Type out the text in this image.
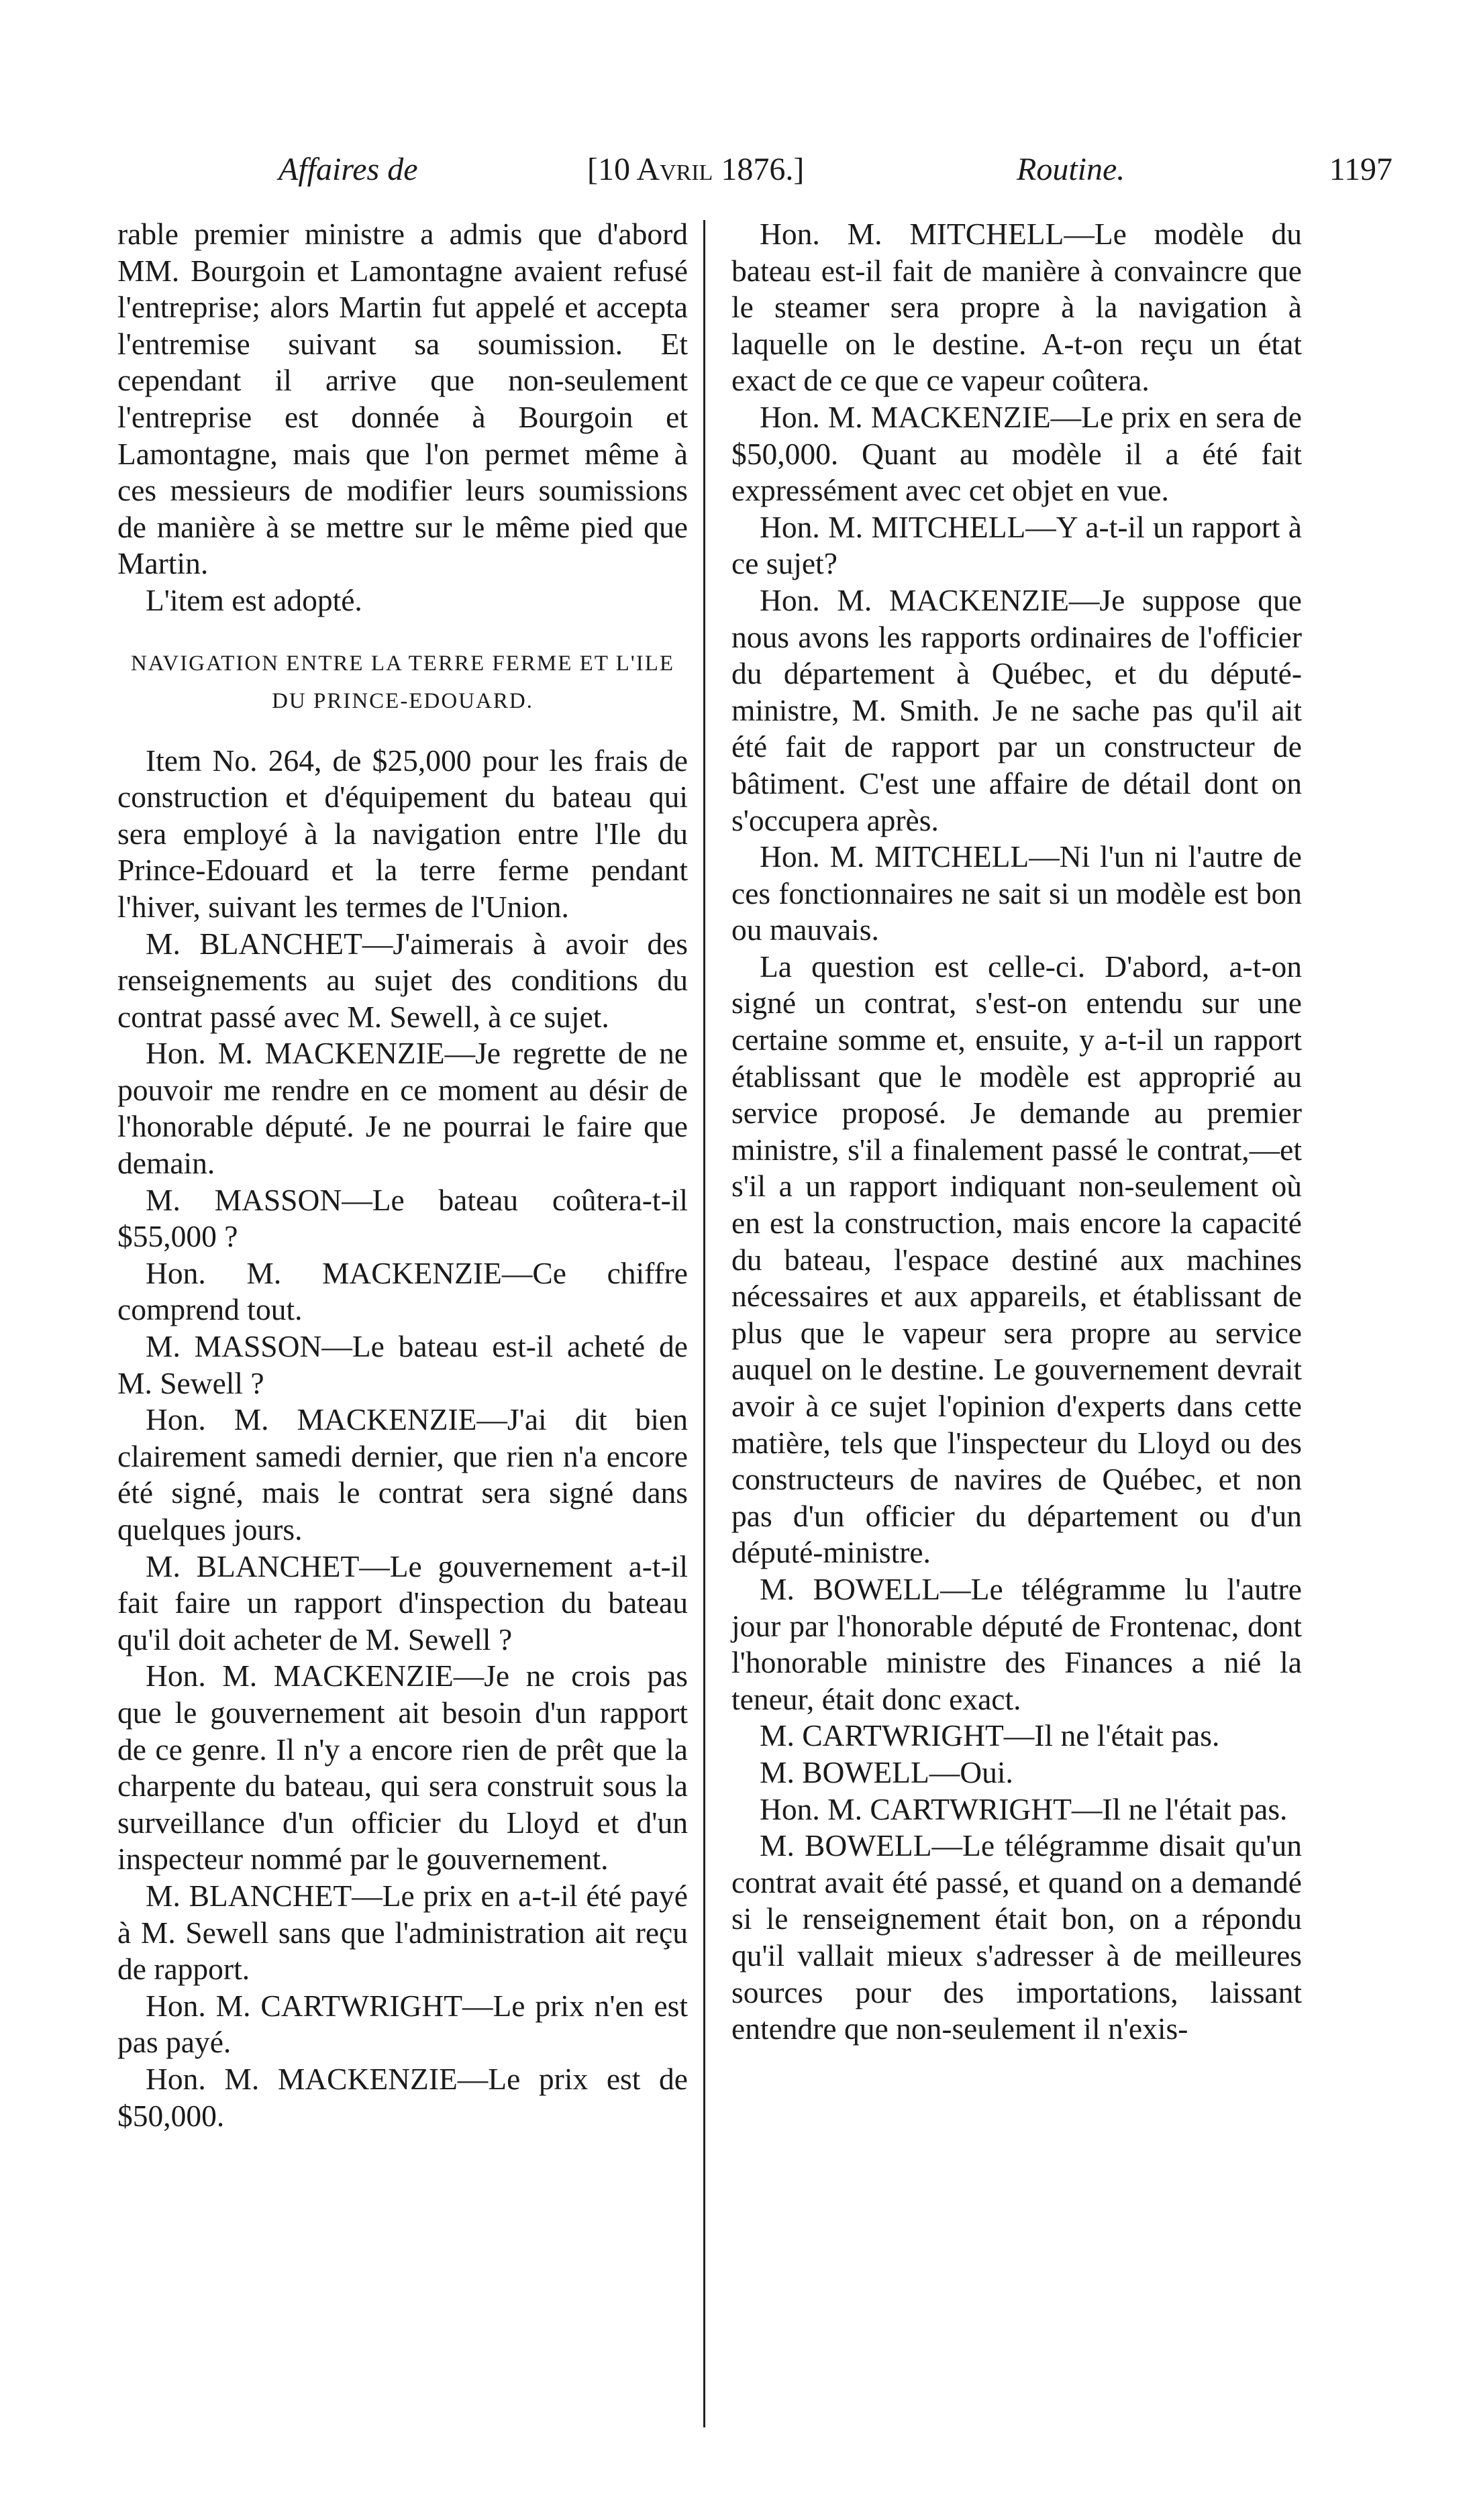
Affaires de	[10 Avril 1876.]	Routine.	1197

rable premier ministre a admis que d'abord MM. Bourgoin et Lamontagne avaient refusé l'entreprise; alors Martin fut appelé et accepta l'entremise suivant sa soumission. Et cependant il arrive que non-seulement l'entreprise est donnée à Bourgoin et Lamontagne, mais que l'on permet même à ces messieurs de modifier leurs soumissions de manière à se mettre sur le même pied que Martin.

L'item est adopté.

NAVIGATION ENTRE LA TERRE FERME ET L'ILE DU PRINCE-EDOUARD.

Item No. 264, de $25,000 pour les frais de construction et d'équipement du bateau qui sera employé à la navigation entre l'Ile du Prince-Edouard et la terre ferme pendant l'hiver, suivant les termes de l'Union.

M. BLANCHET—J'aimerais à avoir des renseignements au sujet des conditions du contrat passé avec M. Sewell, à ce sujet.

Hon. M. MACKENZIE—Je regrette de ne pouvoir me rendre en ce moment au désir de l'honorable député. Je ne pourrai le faire que demain.

M. MASSON—Le bateau coûtera-t-il $55,000 ?

Hon. M. MACKENZIE—Ce chiffre comprend tout.

M. MASSON—Le bateau est-il acheté de M. Sewell ?

Hon. M. MACKENZIE—J'ai dit bien clairement samedi dernier, que rien n'a encore été signé, mais le contrat sera signé dans quelques jours.

M. BLANCHET—Le gouvernement a-t-il fait faire un rapport d'inspection du bateau qu'il doit acheter de M. Sewell ?

Hon. M. MACKENZIE—Je ne crois pas que le gouvernement ait besoin d'un rapport de ce genre. Il n'y a encore rien de prêt que la charpente du bateau, qui sera construit sous la surveillance d'un officier du Lloyd et d'un inspecteur nommé par le gouvernement.

M. BLANCHET—Le prix en a-t-il été payé à M. Sewell sans que l'administration ait reçu de rapport.

Hon. M. CARTWRIGHT—Le prix n'en est pas payé.

Hon. M. MACKENZIE—Le prix est de $50,000.

Hon. M. MITCHELL—Le modèle du bateau est-il fait de manière à convaincre que le steamer sera propre à la navigation à laquelle on le destine. A-t-on reçu un état exact de ce que ce vapeur coûtera.

Hon. M. MACKENZIE—Le prix en sera de $50,000. Quant au modèle il a été fait expressément avec cet objet en vue.

Hon. M. MITCHELL—Y a-t-il un rapport à ce sujet?

Hon. M. MACKENZIE—Je suppose que nous avons les rapports ordinaires de l'officier du département à Québec, et du député-ministre, M. Smith. Je ne sache pas qu'il ait été fait de rapport par un constructeur de bâtiment. C'est une affaire de détail dont on s'occupera après.

Hon. M. MITCHELL—Ni l'un ni l'autre de ces fonctionnaires ne sait si un modèle est bon ou mauvais.

La question est celle-ci. D'abord, a-t-on signé un contrat, s'est-on entendu sur une certaine somme et, ensuite, y a-t-il un rapport établissant que le modèle est approprié au service proposé. Je demande au premier ministre, s'il a finalement passé le contrat,—et s'il a un rapport indiquant non-seulement où en est la construction, mais encore la capacité du bateau, l'espace destiné aux machines nécessaires et aux appareils, et établissant de plus que le vapeur sera propre au service auquel on le destine. Le gouvernement devrait avoir à ce sujet l'opinion d'experts dans cette matière, tels que l'inspecteur du Lloyd ou des constructeurs de navires de Québec, et non pas d'un officier du département ou d'un député-ministre.

M. BOWELL—Le télégramme lu l'autre jour par l'honorable député de Frontenac, dont l'honorable ministre des Finances a nié la teneur, était donc exact.

M. CARTWRIGHT—Il ne l'était pas.

M. BOWELL—Oui.

Hon. M. CARTWRIGHT—Il ne l'était pas.

M. BOWELL—Le télégramme disait qu'un contrat avait été passé, et quand on a demandé si le renseignement était bon, on a répondu qu'il vallait mieux s'adresser à de meilleures sources pour des importations, laissant entendre que non-seulement il n'exis-
